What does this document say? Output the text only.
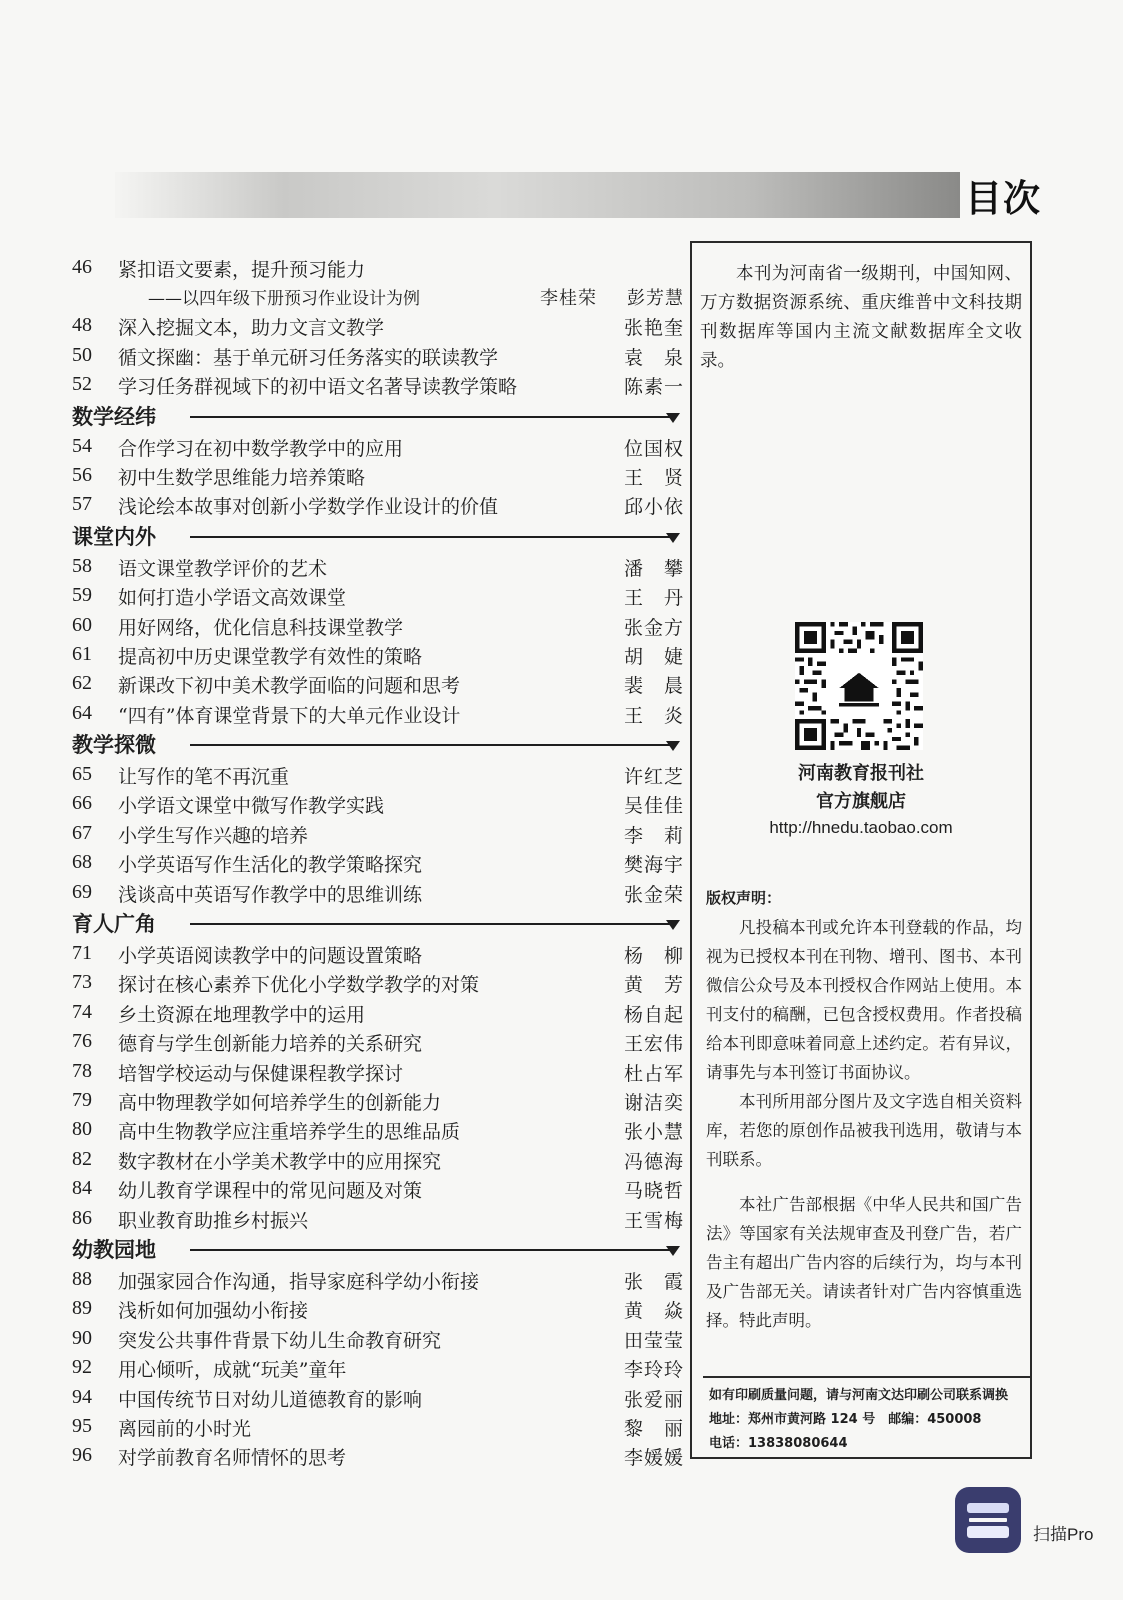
目次
46	紧扣语文要素，提升预习能力
——以四年级下册预习作业设计为例	李桂荣 彭芳慧
48	深入挖掘文本，助力文言文教学	张艳奎
50	循文探幽：基于单元研习任务落实的联读教学	袁　泉
52	学习任务群视域下的初中语文名著导读教学策略	陈素一
数学经纬
54	合作学习在初中数学教学中的应用	位国权
56	初中生数学思维能力培养策略	王　贤
57	浅论绘本故事对创新小学数学作业设计的价值	邱小依
课堂内外
58	语文课堂教学评价的艺术	潘　攀
59	如何打造小学语文高效课堂	王　丹
60	用好网络，优化信息科技课堂教学	张金方
61	提高初中历史课堂教学有效性的策略	胡　婕
62	新课改下初中美术教学面临的问题和思考	裴　晨
64	“四有”体育课堂背景下的大单元作业设计	王　炎
教学探微
65	让写作的笔不再沉重	许红芝
66	小学语文课堂中微写作教学实践	吴佳佳
67	小学生写作兴趣的培养	李　莉
68	小学英语写作生活化的教学策略探究	樊海宇
69	浅谈高中英语写作教学中的思维训练	张金荣
育人广角
71	小学英语阅读教学中的问题设置策略	杨　柳
73	探讨在核心素养下优化小学数学教学的对策	黄　芳
74	乡土资源在地理教学中的运用	杨自起
76	德育与学生创新能力培养的关系研究	王宏伟
78	培智学校运动与保健课程教学探讨	杜占军
79	高中物理教学如何培养学生的创新能力	谢洁奕
80	高中生物教学应注重培养学生的思维品质	张小慧
82	数字教材在小学美术教学中的应用探究	冯德海
84	幼儿教育学课程中的常见问题及对策	马晓哲
86	职业教育助推乡村振兴	王雪梅
幼教园地
88	加强家园合作沟通，指导家庭科学幼小衔接	张　霞
89	浅析如何加强幼小衔接	黄　焱
90	突发公共事件背景下幼儿生命教育研究	田莹莹
92	用心倾听，成就“玩美”童年	李玲玲
94	中国传统节日对幼儿道德教育的影响	张爱丽
95	离园前的小时光	黎　丽
96	对学前教育名师情怀的思考	李媛媛
本刊为河南省一级期刊，中国知网、万方数据资源系统、重庆维普中文科技期刊数据库等国内主流文献数据库全文收录。
河南教育报刊社
官方旗舰店
http://hnedu.taobao.com
版权声明：

凡投稿本刊或允许本刊登载的作品，均视为已授权本刊在刊物、增刊、图书、本刊微信公众号及本刊授权合作网站上使用。本刊支付的稿酬，已包含授权费用。作者投稿给本刊即意味着同意上述约定。若有异议，请事先与本刊签订书面协议。

本刊所用部分图片及文字选自相关资料库，若您的原创作品被我刊选用，敬请与本刊联系。

本社广告部根据《中华人民共和国广告法》等国家有关法规审查及刊登广告，若广告主有超出广告内容的后续行为，均与本刊及广告部无关。请读者针对广告内容慎重选择。特此声明。
如有印刷质量问题，请与河南文达印刷公司联系调换
地址：郑州市黄河路 124 号　邮编：450008
电话：13838080644
扫描Pro
